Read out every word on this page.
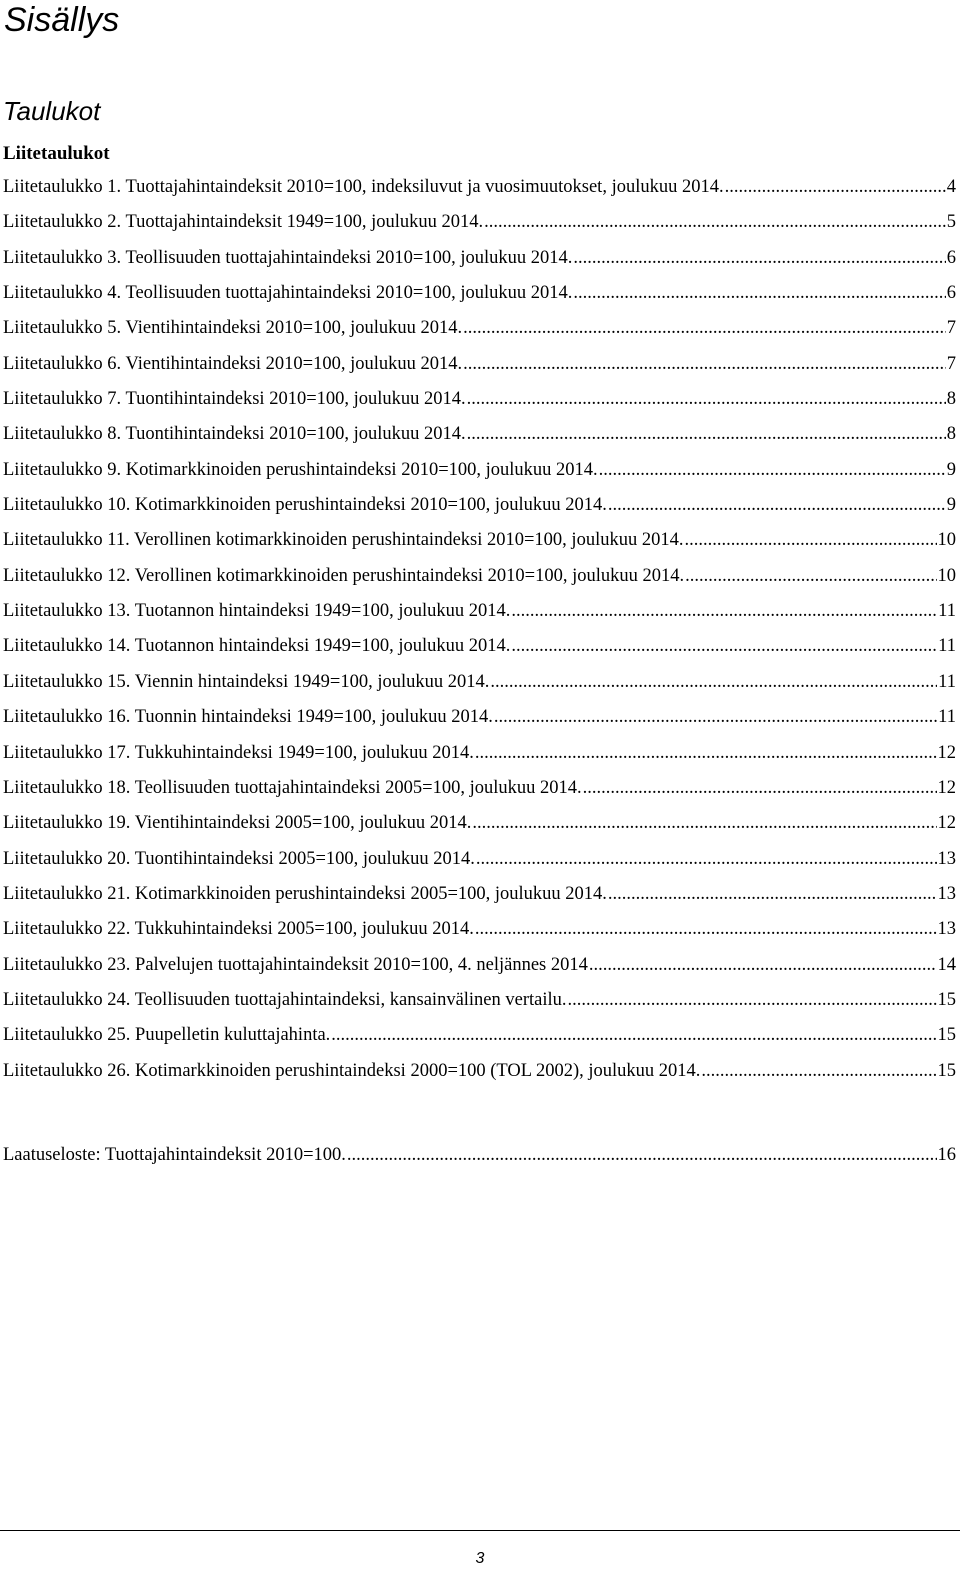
Sisällys
Taulukot
Liitetaulukot
Liitetaulukko 1. Tuottajahintaindeksit 2010=100, indeksiluvut ja vuosimuutokset, joulukuu 2014. .....	4
Liitetaulukko 2. Tuottajahintaindeksit 1949=100, joulukuu 2014. .....	5
Liitetaulukko 3. Teollisuuden tuottajahintaindeksi 2010=100, joulukuu 2014. .....	6
Liitetaulukko 4. Teollisuuden tuottajahintaindeksi 2010=100, joulukuu 2014. .....	6
Liitetaulukko 5. Vientihintaindeksi 2010=100, joulukuu 2014. .....	7
Liitetaulukko 6. Vientihintaindeksi 2010=100, joulukuu 2014. .....	7
Liitetaulukko 7. Tuontihintaindeksi 2010=100, joulukuu 2014. .....	8
Liitetaulukko 8. Tuontihintaindeksi 2010=100, joulukuu 2014. .....	8
Liitetaulukko 9. Kotimarkkinoiden perushintaindeksi 2010=100, joulukuu 2014. .....	9
Liitetaulukko 10. Kotimarkkinoiden perushintaindeksi 2010=100, joulukuu 2014. .....	9
Liitetaulukko 11. Verollinen kotimarkkinoiden perushintaindeksi 2010=100, joulukuu 2014. .....	10
Liitetaulukko 12. Verollinen kotimarkkinoiden perushintaindeksi 2010=100, joulukuu 2014. .....	10
Liitetaulukko 13. Tuotannon hintaindeksi 1949=100, joulukuu 2014. .....	11
Liitetaulukko 14. Tuotannon hintaindeksi 1949=100, joulukuu 2014. .....	11
Liitetaulukko 15. Viennin hintaindeksi 1949=100, joulukuu 2014. .....	11
Liitetaulukko 16. Tuonnin hintaindeksi 1949=100, joulukuu 2014. .....	11
Liitetaulukko 17. Tukkuhintaindeksi 1949=100, joulukuu 2014. .....	12
Liitetaulukko 18. Teollisuuden tuottajahintaindeksi 2005=100, joulukuu 2014. .....	12
Liitetaulukko 19. Vientihintaindeksi 2005=100, joulukuu 2014. .....	12
Liitetaulukko 20. Tuontihintaindeksi 2005=100, joulukuu 2014. .....	13
Liitetaulukko 21. Kotimarkkinoiden perushintaindeksi 2005=100, joulukuu 2014. .....	13
Liitetaulukko 22. Tukkuhintaindeksi 2005=100, joulukuu 2014. .....	13
Liitetaulukko 23. Palvelujen tuottajahintaindeksit 2010=100, 4. neljännes 2014 .....	14
Liitetaulukko 24. Teollisuuden tuottajahintaindeksi, kansainvälinen vertailu. .....	15
Liitetaulukko 25. Puupelletin kuluttajahinta. .....	15
Liitetaulukko 26. Kotimarkkinoiden perushintaindeksi 2000=100 (TOL 2002), joulukuu 2014. .....	15
Laatuseloste: Tuottajahintaindeksit 2010=100. .....	16
3
